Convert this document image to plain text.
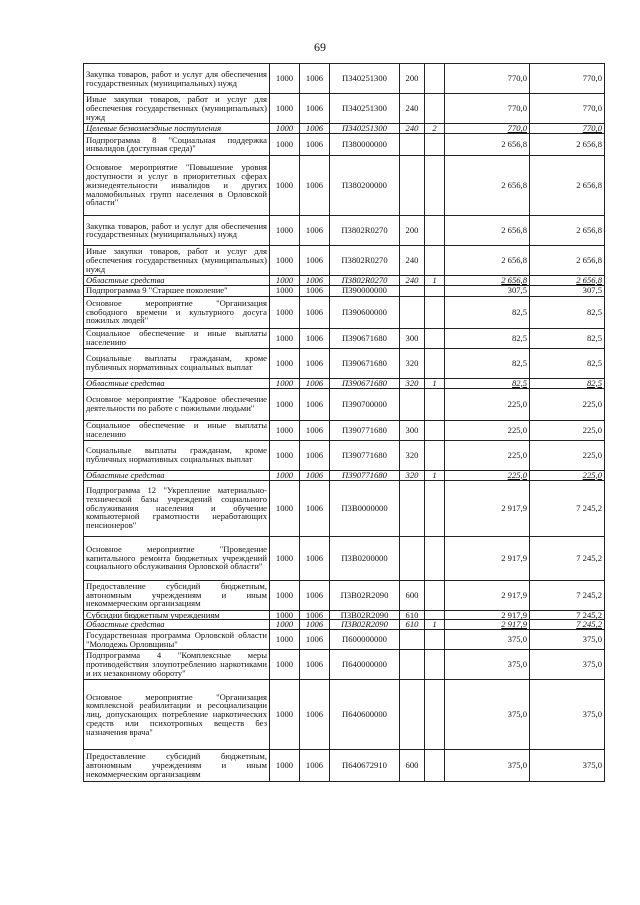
69
Закупка товаров, работ и услуг для обеспечения государственных (муниципальных) нужд	1000	1006	П340251300	200		770,0	770,0
Иные закупки товаров, работ и услуг для обеспечения государственных (муниципальных) нужд	1000	1006	П340251300	240		770,0	770,0
Целевые безвозмездные поступления	1000	1006	П340251300	240	2	770,0	770,0
Подпрограмма 8 "Социальная поддержка инвалидов (доступная среда)"	1000	1006	П380000000			2 656,8	2 656,8
Основное мероприятие "Повышение уровня доступности и услуг в приоритетных сферах жизнедеятельности инвалидов и других маломобильных групп населения в Орловской области"	1000	1006	П380200000			2 656,8	2 656,8
Закупка товаров, работ и услуг для обеспечения государственных (муниципальных) нужд	1000	1006	П3802R0270	200		2 656,8	2 656,8
Иные закупки товаров, работ и услуг для обеспечения государственных (муниципальных) нужд	1000	1006	П3802R0270	240		2 656,8	2 656,8
Областные средства	1000	1006	П3802R0270	240	1	2 656,8	2 656,8
Подпрограмма 9 "Старшее поколение"	1000	1006	П390000000			307,5	307,5
Основное мероприятие "Организация свободного времени и культурного досуга пожилых людей"	1000	1006	П390600000			82,5	82,5
Социальное обеспечение и иные выплаты населению	1000	1006	П390671680	300		82,5	82,5
Социальные выплаты гражданам, кроме публичных нормативных социальных выплат	1000	1006	П390671680	320		82,5	82,5
Областные средства	1000	1006	П390671680	320	1	82,5	82,5
Основное мероприятие "Кадровое обеспечение деятельности по работе с пожилыми людьми"	1000	1006	П390700000			225,0	225,0
Социальное обеспечение и иные выплаты населению	1000	1006	П390771680	300		225,0	225,0
Социальные выплаты гражданам, кроме публичных нормативных социальных выплат	1000	1006	П390771680	320		225,0	225,0
Областные средства	1000	1006	П390771680	320	1	225,0	225,0
Подпрограмма 12 "Укрепление материально-технической базы учреждений социального обслуживания населения и обучение компьютерной грамотности неработающих пенсионеров"	1000	1006	П3В0000000			2 917,9	7 245,2
Основное мероприятие "Проведение капитального ремонта бюджетных учреждений социального обслуживания Орловской области"	1000	1006	П3В0200000			2 917,9	7 245,2
Предоставление субсидий бюджетным, автономным учреждениям и иным некоммерческим организациям	1000	1006	П3В02R2090	600		2 917,9	7 245,2
Субсидии бюджетным учреждениям	1000	1006	П3В02R2090	610		2 917,9	7 245,2
Областные средства	1000	1006	П3В02R2090	610	1	2 917,9	7 245,2
Государственная программа Орловской области "Молодежь Орловщины"	1000	1006	П600000000			375,0	375,0
Подпрограмма 4 "Комплексные меры противодействия злоупотреблению наркотиками и их незаконному обороту"	1000	1006	П640000000			375,0	375,0
Основное мероприятие "Организация комплексной реабилитации и ресоциализации лиц, допускающих потребление наркотических средств или психотропных веществ без назначения врача"	1000	1006	П640600000			375,0	375,0
Предоставление субсидий бюджетным, автономным учреждениям и иным некоммерческим организациям	1000	1006	П640672910	600		375,0	375,0
